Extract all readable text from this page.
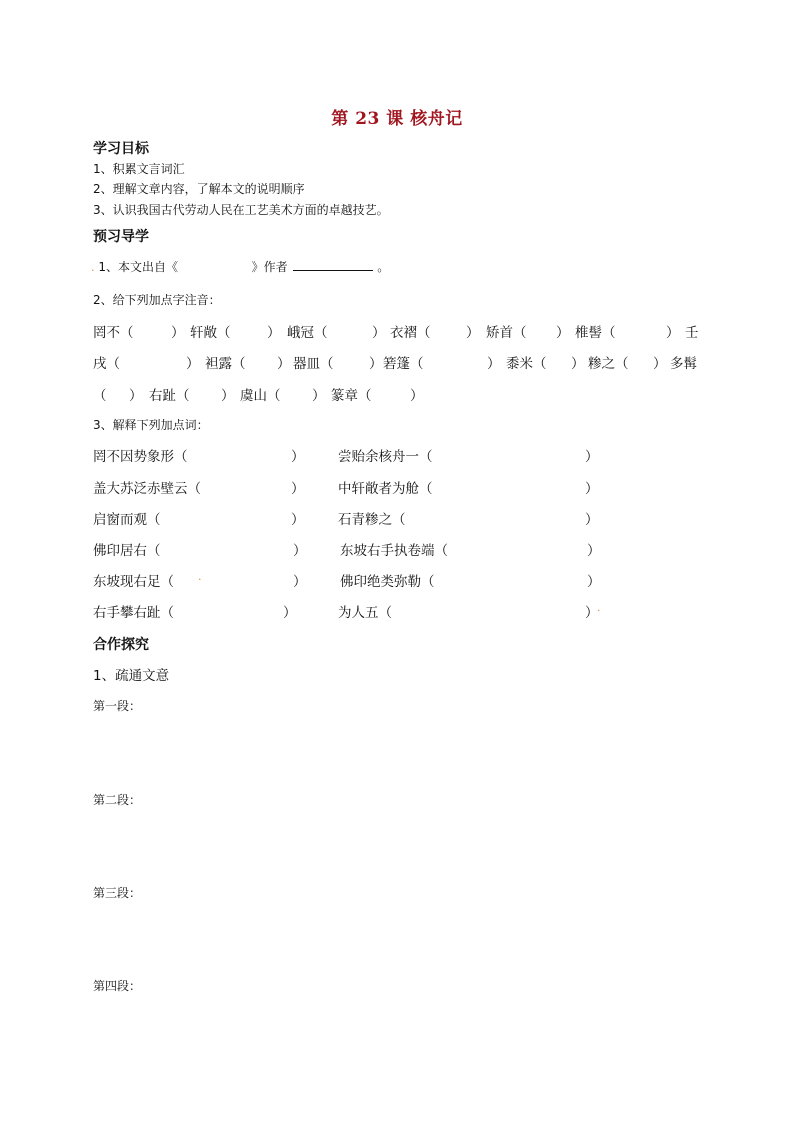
第 23 课 核舟记
学习目标
1、积累文言词汇
2、理解文章内容，了解本文的说明顺序
3、认识我国古代劳动人民在工艺美术方面的卓越技艺。
预习导学
. 1、本文出自《	》作者	。
2、给下列加点字注音：
罔不（	） 轩敞（	） 峨冠（	） 衣褶（	） 矫首（ ） 椎髻（	） 壬
戌（	） 袒露（ ） 器皿（	） 箬篷（	） 黍米（ ） 糁之（ ） 多髯
（ ） 右趾（ ） 虞山（ ） 篆章（	）
3、解释下列加点词：
罔不因势象形（	） 尝贻余核舟一（	）
盖大苏泛赤壁云（	） 中轩敞者为舱（	）
启窗而观（	） 石青糁之（	）
佛印居右（	） 东坡右手执卷端（	）
东坡现右足（ .	） 佛印绝类弥勒（	）
右手攀右趾（	）	为人五（	）
.
合作探究
1、疏通文意
第一段：
第二段：
第三段：
第四段：
